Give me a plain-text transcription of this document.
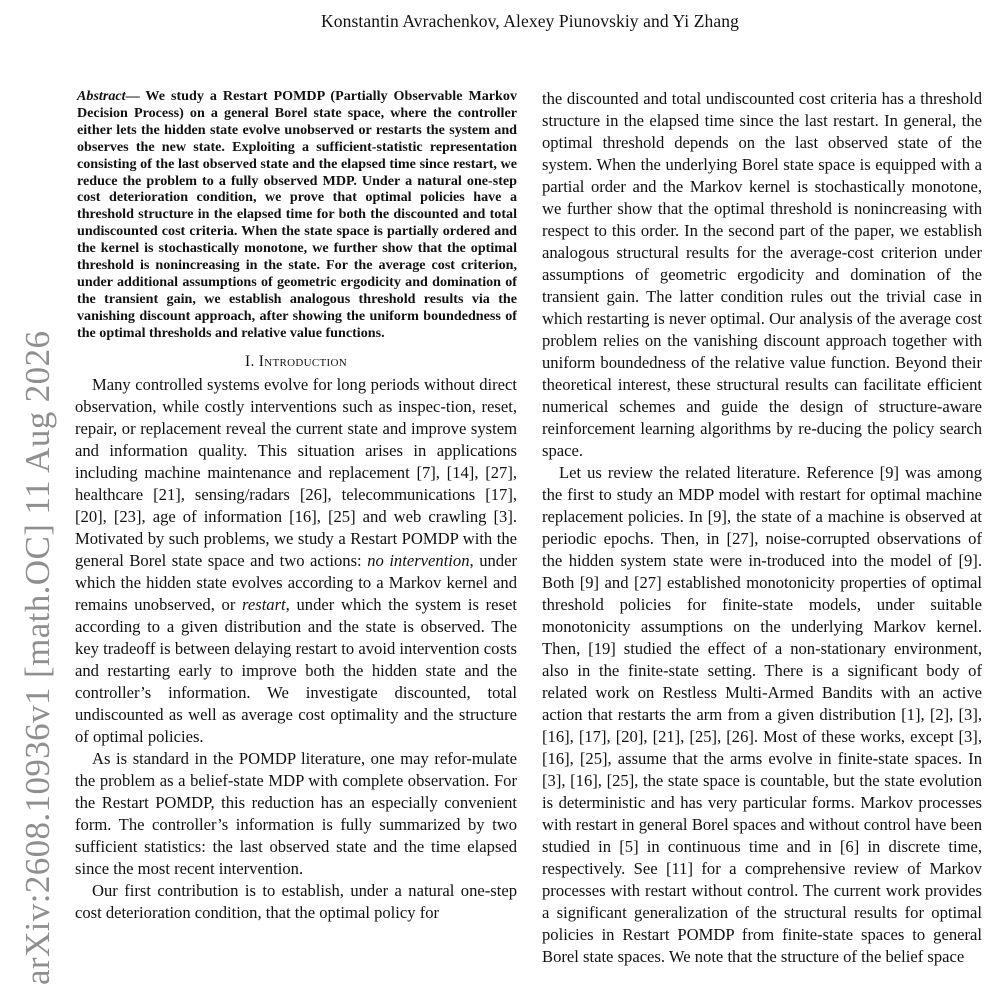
Konstantin Avrachenkov, Alexey Piunovskiy and Yi Zhang
arXiv:2608.10936v1 [math.OC] 11 Aug 2026

Abstract— We study a Restart POMDP (Partially Observable Markov Decision Process) on a general Borel state space, where the controller either lets the hidden state evolve unobserved or restarts the system and observes the new state. Exploiting a sufficient-statistic representation consisting of the last observed state and the elapsed time since restart, we reduce the problem to a fully observed MDP. Under a natural one-step cost deterioration condition, we prove that optimal policies have a threshold structure in the elapsed time for both the discounted and total undiscounted cost criteria. When the state space is partially ordered and the kernel is stochastically monotone, we further show that the optimal threshold is nonincreasing in the state. For the average cost criterion, under additional assumptions of geometric ergodicity and domination of the transient gain, we establish analogous threshold results via the vanishing discount approach, after showing the uniform boundedness of the optimal thresholds and relative value functions.

I. Introduction

Many controlled systems evolve for long periods without direct observation, while costly interventions such as inspec-tion, reset, repair, or replacement reveal the current state and improve system and information quality. This situation arises in applications including machine maintenance and replacement [7], [14], [27], healthcare [21], sensing/radars [26], telecommunications [17], [20], [23], age of information [16], [25] and web crawling [3]. Motivated by such problems, we study a Restart POMDP with the general Borel state space and two actions: no intervention, under which the hidden state evolves according to a Markov kernel and remains unobserved, or restart, under which the system is reset according to a given distribution and the state is observed. The key tradeoff is between delaying restart to avoid intervention costs and restarting early to improve both the hidden state and the controller’s information. We investigate discounted, total undiscounted as well as average cost optimality and the structure of optimal policies.

As is standard in the POMDP literature, one may refor-mulate the problem as a belief-state MDP with complete observation. For the Restart POMDP, this reduction has an especially convenient form. The controller’s information is fully summarized by two sufficient statistics: the last observed state and the time elapsed since the most recent intervention.

Our first contribution is to establish, under a natural one-step cost deterioration condition, that the optimal policy for

the discounted and total undiscounted cost criteria has a threshold structure in the elapsed time since the last restart. In general, the optimal threshold depends on the last observed state of the system. When the underlying Borel state space is equipped with a partial order and the Markov kernel is stochastically monotone, we further show that the optimal threshold is nonincreasing with respect to this order. In the second part of the paper, we establish analogous structural results for the average-cost criterion under assumptions of geometric ergodicity and domination of the transient gain. The latter condition rules out the trivial case in which restarting is never optimal. Our analysis of the average cost problem relies on the vanishing discount approach together with uniform boundedness of the relative value function. Beyond their theoretical interest, these structural results can facilitate efficient numerical schemes and guide the design of structure-aware reinforcement learning algorithms by re-ducing the policy search space.

Let us review the related literature. Reference [9] was among the first to study an MDP model with restart for optimal machine replacement policies. In [9], the state of a machine is observed at periodic epochs. Then, in [27], noise-corrupted observations of the hidden system state were in-troduced into the model of [9]. Both [9] and [27] established monotonicity properties of optimal threshold policies for finite-state models, under suitable monotonicity assumptions on the underlying Markov kernel. Then, [19] studied the effect of a non-stationary environment, also in the finite-state setting. There is a significant body of related work on Restless Multi-Armed Bandits with an active action that restarts the arm from a given distribution [1], [2], [3], [16], [17], [20], [21], [25], [26]. Most of these works, except [3], [16], [25], assume that the arms evolve in finite-state spaces. In [3], [16], [25], the state space is countable, but the state evolution is deterministic and has very particular forms. Markov processes with restart in general Borel spaces and without control have been studied in [5] in continuous time and in [6] in discrete time, respectively. See [11] for a comprehensive review of Markov processes with restart without control. The current work provides a significant generalization of the structural results for optimal policies in Restart POMDP from finite-state spaces to general Borel state spaces. We note that the structure of the belief space
